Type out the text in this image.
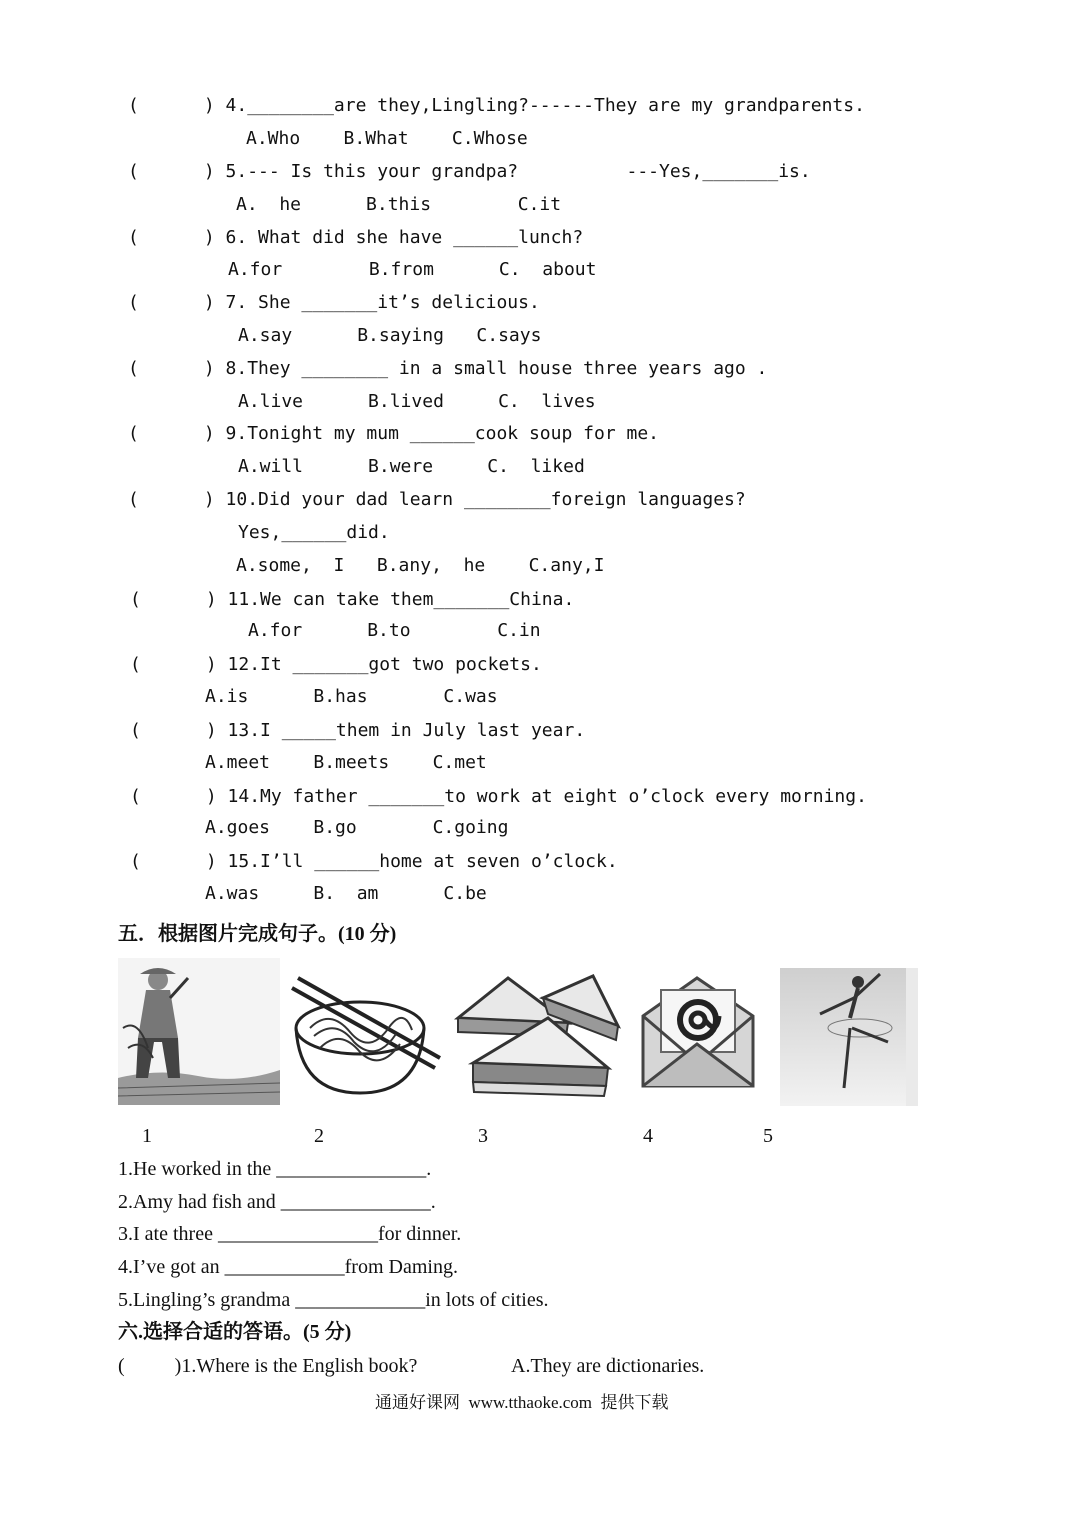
(      ) 4.________are they,Lingling?------They are my grandparents.
A.Who    B.What    C.Whose
(      ) 5.--- Is this your grandpa?          ---Yes,_______is.
A.  he      B.this        C.it
(      ) 6. What did she have ______lunch?
A.for        B.from      C.  about
(      ) 7. She _______it’s delicious.
A.say      B.saying   C.says
(      ) 8.They ________ in a small house three years ago .
A.live      B.lived     C.  lives
(      ) 9.Tonight my mum ______cook soup for me.
A.will      B.were     C.  liked
(      ) 10.Did your dad learn ________foreign languages?
Yes,______did.
A.some,  I   B.any,  he    C.any,I
(      ) 11.We can take them_______China.
A.for      B.to        C.in
(      ) 12.It _______got two pockets.
A.is      B.has       C.was
(      ) 13.I _____them in July last year.
A.meet    B.meets    C.met
(      ) 14.My father _______to work at eight o’clock every morning.
A.goes    B.go       C.going
(      ) 15.I’ll ______home at seven o’clock.
A.was     B.  am      C.be
五．根据图片完成句子。(10 分)
1	2	3	4	5
1.He worked in the _______________.
2.Amy had fish and _______________.
3.I ate three ________________for dinner.
4.I’ve got an ____________from Daming.
5.Lingling’s grandma _____________in lots of cities.
六.选择合适的答语。(5 分)
(          )1.Where is the English book?	A.They are dictionaries.
通通好课网  www.tthaoke.com  提供下载
